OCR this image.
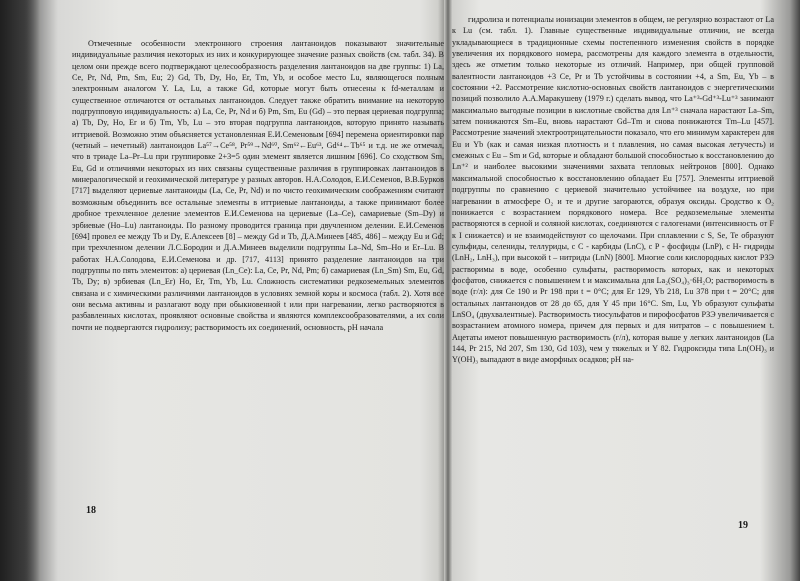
Отмеченные особенности электронного строения лантаноидов показывают значительные индивидуальные различия некоторых из них и конкурирующее значение разных свойств (см. табл. 34). В целом они прежде всего подтверждают целесообразность разделения лантаноидов на две группы: 1) La, Ce, Pr, Nd, Pm, Sm, Eu; 2) Gd, Tb, Dy, Ho, Er, Tm, Yb, и особое место Lu, являющегося полным электронным аналогом Y. La, Lu, а также Gd, которые могут быть отнесены к fd-металлам и существенное отличаются от остальных лантаноидов. Следует также обратить внимание на некоторую подгрупповую индивидуальность: а) La, Ce, Pr, Nd и б) Pm, Sm, Eu (Gd) – это первая цериевая подгруппа; а) Tb, Dy, Ho, Er и б) Tm, Yb, Lu – это вторая подгруппа лантаноидов, которую принято называть иттриевой. Возможно этим объясняется установленная Е.И.Семеновым [694] перемена ориентировки пар (четный – нечетный) лантаноидов La⁵⁷→Ce⁵⁸, Pr⁵⁹→Nd⁶⁰, Sm⁶²←Eu⁶³, Gd⁶⁴←Tb⁶⁵ и т.д. не же отмечал, что в триаде La–Pr–Lu при группировке 2+3=5 один элемент является лишним [696]. Со сходством Sm, Eu, Gd и отличиями некоторых из них связаны существенные различия в группировках лантаноидов в минералогической и геохимической литературе у разных авторов. Н.А.Солодов, Е.И.Семенов, В.В.Бурков [717] выделяют цериевые лантаноиды (La, Ce, Pr, Nd) и по чисто геохимическим соображениям считают возможным объединить все остальные элементы в иттриевые лантаноиды, а также принимают более дробное трехчленное деление элементов Е.И.Семенова на цериевые (La–Ce), самариевые (Sm–Dy) и эрбиевые (Ho–Lu) лантаноиды. По разному проводится граница при двучленном делении. Е.И.Семенов [694] провел ее между Tb и Dy, Е.Алексеев [8] – между Gd и Tb, Д.А.Минеев [485, 486] – между Eu и Gd; при трехчленном делении Л.С.Бородин и Д.А.Минеев выделили подгруппы La–Nd, Sm–Ho и Er–Lu. В работах Н.А.Солодова, Е.И.Семенова и др. [717, 4113] принято разделение лантаноидов на три подгруппы по пять элементов: а) цериевая (Ln_Ce): La, Ce, Pr, Nd, Pm; б) самариевая (Ln_Sm) Sm, Eu, Gd, Tb, Dy; в) эрбиевая (Ln_Er) Ho, Er, Tm, Yb, Lu. Сложность систематики редкоземельных элементов связана и с химическими различиями лантаноидов в условиях земной коры и космоса (табл. 2). Хотя все они весьма активны и разлагают воду при обыкновенной t или при нагревании, легко растворяются в разбавленных кислотах, проявляют основные свойства и являются комплексообразователями, а их соли почти не подвергаются гидролизу; растворимость их соединений, основность, pH начала

гидролиза и потенциалы ионизации элементов в общем, не регулярно возрастают от La к Lu (см. табл. 1). Главные существенные индивидуальные отличии, не всегда укладывающиеся в традиционные схемы постепенного изменения свойств в порядке увеличения их порядкового номера, рассмотрены для каждого элемента в отдельности, здесь же отметим только некоторые из отличий. Например, при общей групповой валентности лантаноидов +3 Ce, Pr и Tb устойчивы в состоянии +4, а Sm, Eu, Yb – в состоянии +2. Рассмотрение кислотно-основных свойств лантаноидов с энергетическими позиций позволило А.А.Маракушеву (1979 г.) сделать вывод, что La⁺³-Gd⁺³-Lu⁺³ занимают максимально выгодные позиции в кислотные свойства для Ln⁺³ сначала нарастают La–Sm, затем понижаются Sm–Eu, вновь нарастают Gd–Tm и снова понижаются Tm–Lu [457]. Рассмотрение значений электроотрицательности показало, что его минимум характерен для Eu и Yb (как и самая низкая плотность и t плавления, но самая высокая летучесть) и смежных с Eu – Sm и Gd, которые и обладают большой способностью к восстановлению до Ln⁺² и наиболее высокими значениями захвата тепловых нейтронов [800]. Однако максимальной способностью к восстановлению обладает Eu [757]. Элементы иттриевой подгруппы по сравнению с цериевой значительно устойчивее на воздухе, но при нагревании в атмосфере O₂ и те и другие загораются, образуя оксиды. Сродство к O₂ понижается с возрастанием порядкового номера. Все редкоземельные элементы растворяются в серной и соляной кислотах, соединяются с галогенами (интенсивность от F к I снижается) и не взаимодействуют со щелочами. При сплавлении с S, Se, Te образуют сульфиды, селениды, теллуриды, с C - карбиды (LnC), с P - фосфиды (LnP), с H- гидриды (LnH₂, LnH₃), при высокой t – нитриды (LnN) [800]. Многие соли кислородных кислот РЗЭ растворимы в воде, особенно сульфаты, растворимость которых, как и некоторых фосфатов, снижается с повышением t и максимальна для La₂(SO₄)₃·6H₂O; растворимость в воде (г/л): для Ce 190 и Pr 198 при t = 0°C; для Er 129, Yb 218, Lu 378 при t = 20°C; для остальных лантаноидов от 28 до 65, для Y 45 при 16°C. Sm, Lu, Yb образуют сульфаты LnSO₄ (двухвалентные). Растворимость тиосульфатов и пирофосфатов РЗЭ увеличивается с возрастанием атомного номера, причем для первых и для нитратов – с повышением t. Ацетаты имеют повышенную растворимость (г/л), которая выше у легких лантаноидов (La 144, Pr 215, Nd 207, Sm 130, Gd 103), чем у тяжелых и Y 82. Гидроксиды типа Ln(OH)₃ и Y(OH)₃ выпадают в виде аморфных осадков; pH на-

18
19
